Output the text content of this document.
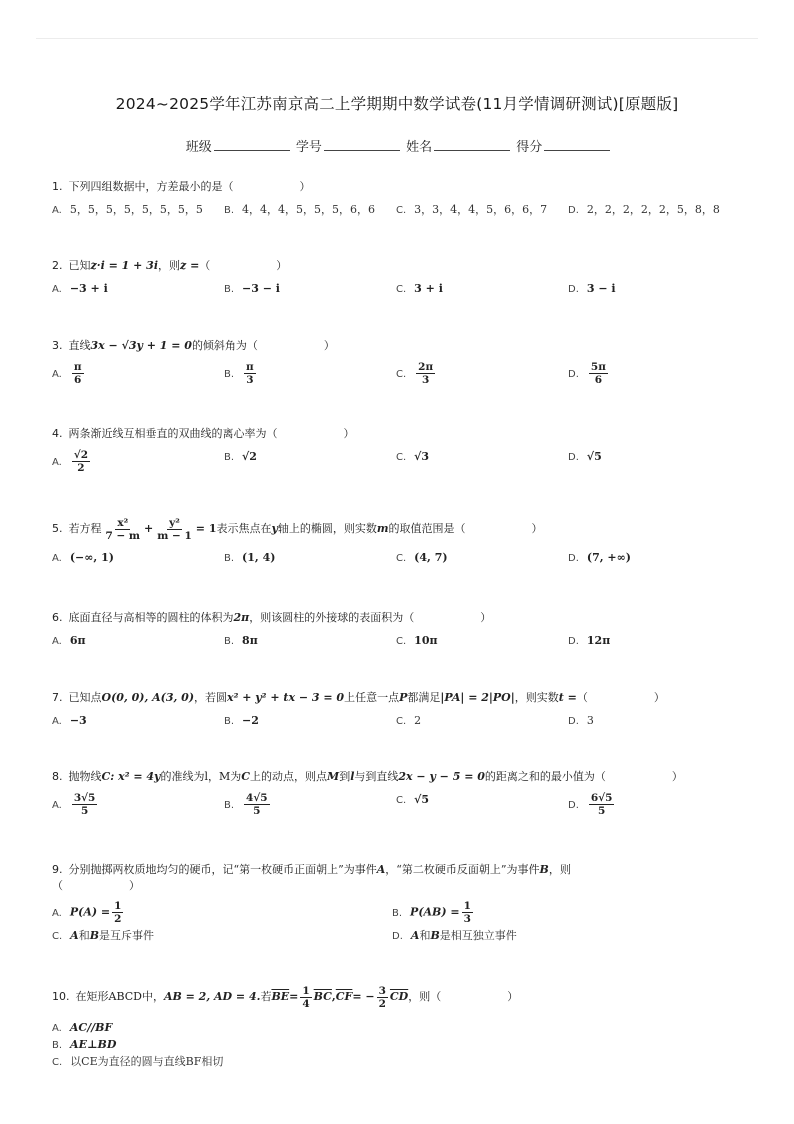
2024~2025学年江苏南京高二上学期期中数学试卷(11月学情调研测试)[原题版]
班级	学号	姓名	得分
1. 下列四组数据中，方差最小的是（　　　　　　）
A. 5，5，5，5，5，5，5，5 B. 4，4，4，5，5，5，6，6 C. 3，3，4，4，5，6，6，7 D. 2，2，2，2，2，5，8，8
2. 已知z·i = 1 + 3i，则z =（　　　　　　）
A. −3 + i	B. −3 − i	C. 3 + i	D. 3 − i
3. 直线3x − √3y + 1 = 0的倾斜角为（　　　　　　）
A. $\frac{\pi}{6}$	B. $\frac{\pi}{3}$	C. $\frac{2\pi}{3}$	D. $\frac{5\pi}{6}$
4. 两条渐近线互相垂直的双曲线的离心率为（　　　　　　）
A. $\frac{√2}{2}$	B. √2	C. √3	D. √5
5. 若方程 $\frac{\text{x²}}{7 - m} + \frac{\text{y²}}{m - 1} = 1$ 表示焦点在 y 轴上的椭圆，则实数 m 的取值范围是（　　　　　　）
A. (−∞, 1)	B. (1, 4)	C. (4, 7)	D. (7, +∞)
6. 底面直径与高相等的圆柱的体积为2π，则该圆柱的外接球的表面积为（　　　　　　）
A. 6π	B. 8π	C. 10π	D. 12π
7. 已知点O(0, 0), A(3, 0)，若圆x² + y² + tx − 3 = 0上任意一点P都满足|PA| = 2|PO|，则实数t =（　　　　　　）
A. −3	B. −2	C. 2	D. 3
8. 抛物线C: x² = 4y的准线为l，M为C上的动点，则点M到l与到直线2x − y − 5 = 0的距离之和的最小值为（　　　　　　）
A. $\frac{3√5}{5}$	B. $\frac{4√5}{5}$	C. √5	D. $\frac{6√5}{5}$
9. 分别抛掷两枚质地均匀的硬币，记“第一枚硬币正面朝上”为事件A，“第二枚硬币反面朝上”为事件B，则
（　　　　　　）
A. $P(A) = \frac{1}{2}$	B. $P(AB) = \frac{1}{3}$
C. A和B是互斥事件	D. A和B是相互独立事件
10. 在矩形ABCD中， AB = 2, AD = 4. 若 $\overline{BE} = \frac{1}{4} \overline{BC}$ , $\overline{CF}$ = − $\frac{3}{2} \overline{CD}$ ，则（　　　　　　）
A. AC//BF
B. AE⊥BD
C. 以CE为直径的圆与直线BF相切
